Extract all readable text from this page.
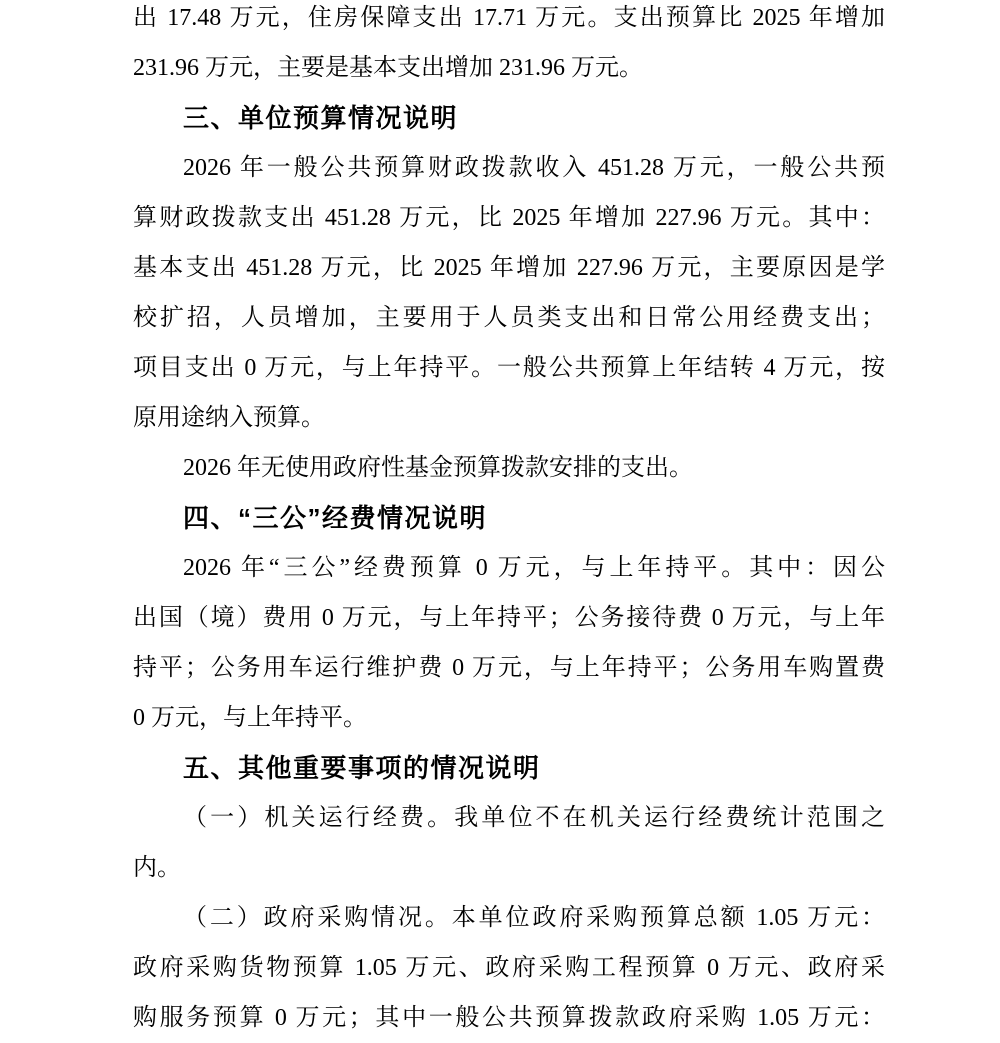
出 17.48 万元，住房保障支出 17.71 万元。支出预算比 2025 年增加
231.96 万元，主要是基本支出增加 231.96 万元。
三、单位预算情况说明
2026 年一般公共预算财政拨款收入 451.28 万元，一般公共预
算财政拨款支出 451.28 万元，比 2025 年增加 227.96 万元。其中：
基本支出 451.28 万元，比 2025 年增加 227.96 万元，主要原因是学
校扩招，人员增加，主要用于人员类支出和日常公用经费支出；
项目支出 0 万元，与上年持平。一般公共预算上年结转 4 万元，按
原用途纳入预算。
2026 年无使用政府性基金预算拨款安排的支出。
四、“三公”经费情况说明
2026 年“三公”经费预算 0 万元，与上年持平。其中：因公
出国（境）费用 0 万元，与上年持平；公务接待费 0 万元，与上年
持平；公务用车运行维护费 0 万元，与上年持平；公务用车购置费
0 万元，与上年持平。
五、其他重要事项的情况说明
（一）机关运行经费。我单位不在机关运行经费统计范围之
内。
（二）政府采购情况。本单位政府采购预算总额 1.05 万元：
政府采购货物预算 1.05 万元、政府采购工程预算 0 万元、政府采
购服务预算 0 万元；其中一般公共预算拨款政府采购 1.05 万元：
